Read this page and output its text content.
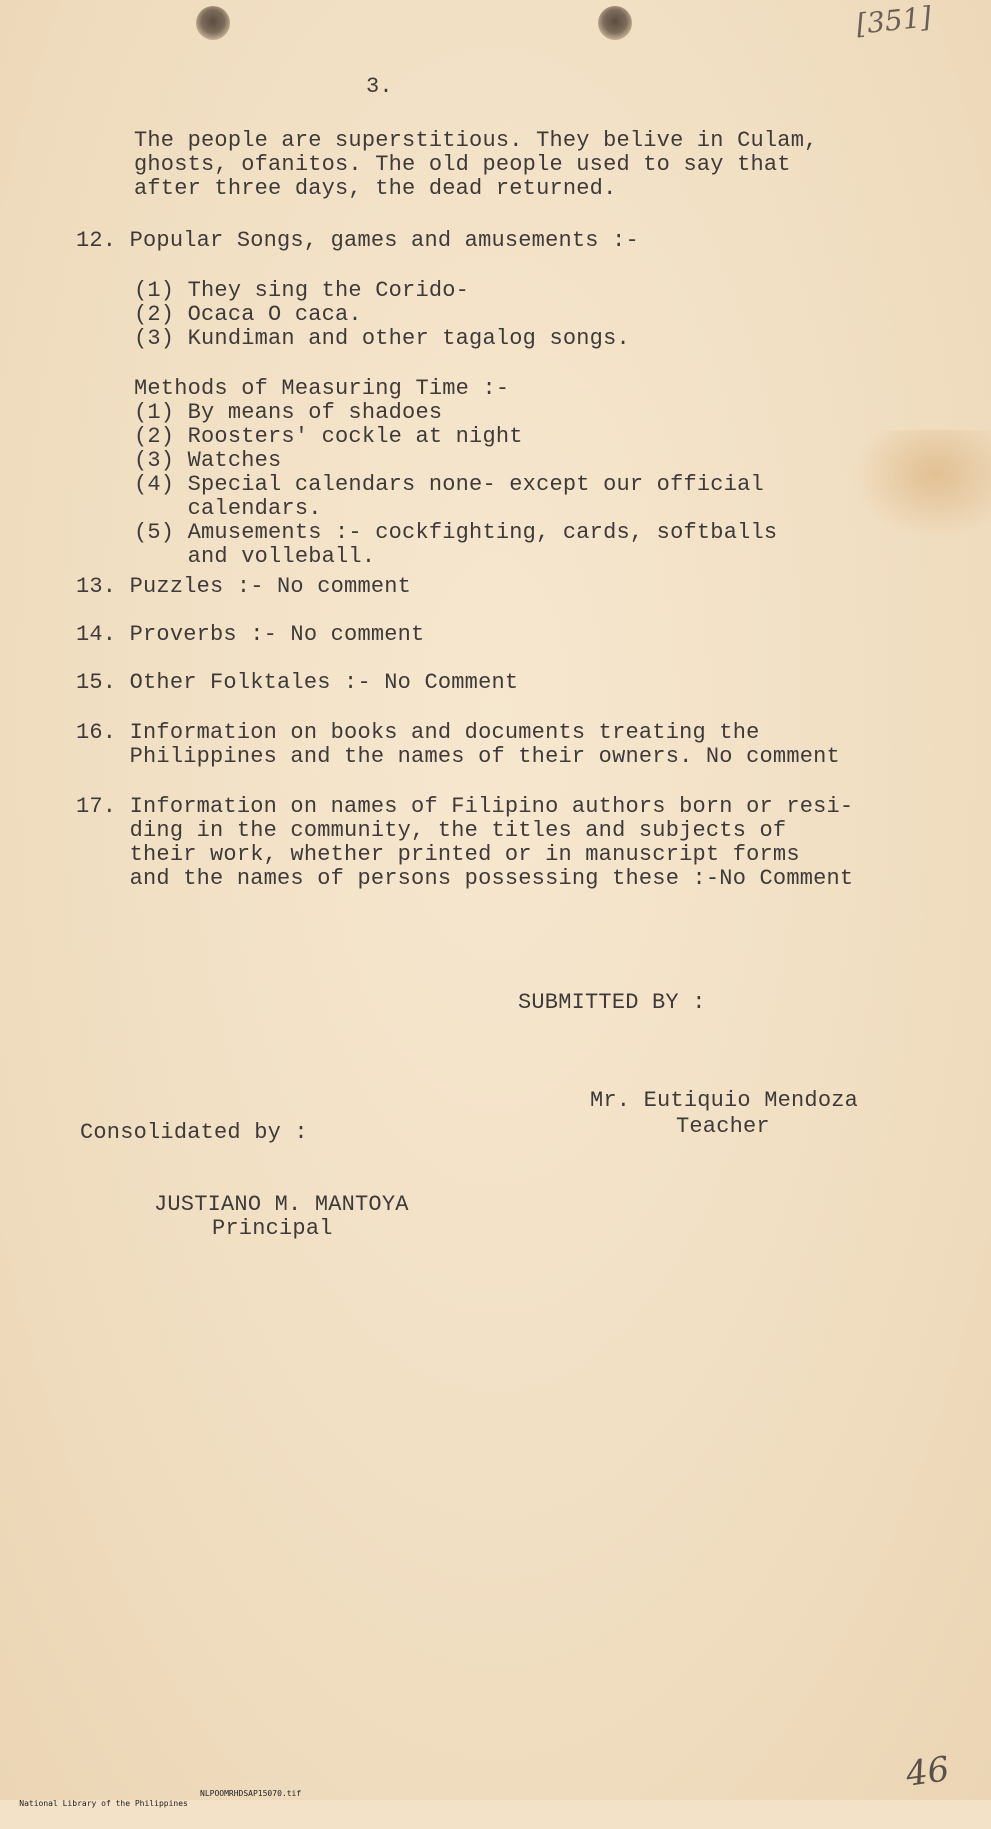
[351]
3.
The people are superstitious. They belive in Culam,
ghosts, ofanitos. The old people used to say that
after three days, the dead returned.
12. Popular Songs, games and amusements :-
(1) They sing the Corido-
(2) Ocaca O caca.
(3) Kundiman and other tagalog songs.
Methods of Measuring Time :-
(1) By means of shadoes
(2) Roosters' cockle at night
(3) Watches
(4) Special calendars none- except our official
calendars.
(5) Amusements :- cockfighting, cards, softballs
and volleball.
13. Puzzles :- No comment
14. Proverbs :- No comment
15. Other Folktales :- No Comment
16. Information on books and documents treating the
Philippines and the names of their owners. No comment
17. Information on names of Filipino authors born or resi-
ding in the community, the titles and subjects of
their work, whether printed or in manuscript forms
and the names of persons possessing these :-No Comment
SUBMITTED BY :
Mr. Eutiquio Mendoza
Teacher
Consolidated by :
JUSTIANO M. MANTOYA
Principal
46

National Library of the Philippines

NLPOOMRHDSAP15070.tif
